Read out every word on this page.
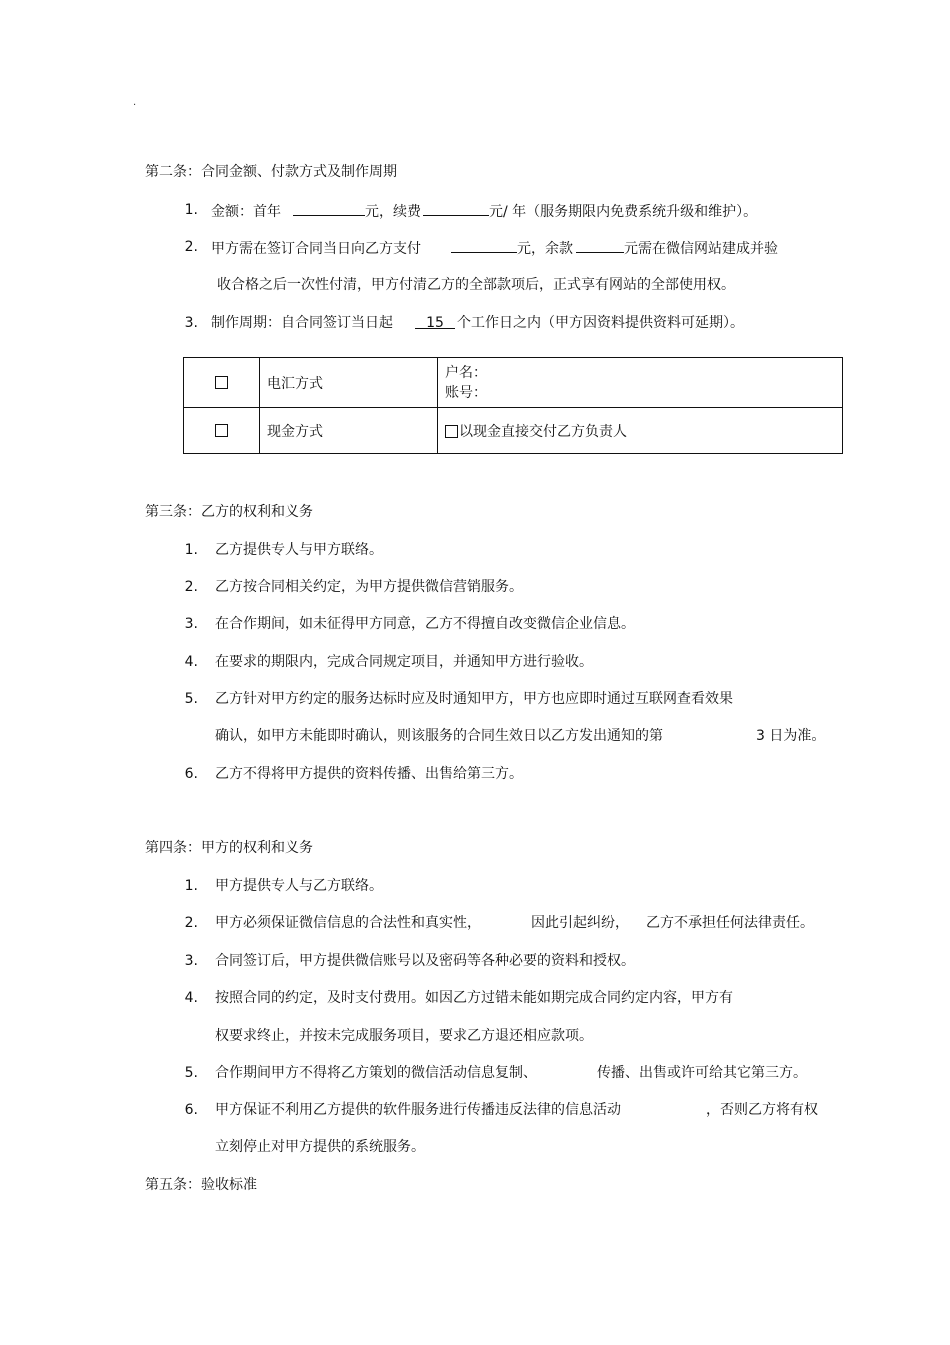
·
第二条：合同金额、付款方式及制作周期
1. 金额：首年	元，续费	元/ 年（服务期限内免费系统升级和维护）。
2. 甲方需在签订合同当日向乙方支付	元，余款	元需在微信网站建成并验
收合格之后一次性付清，甲方付清乙方的全部款项后，正式享有网站的全部使用权。
3. 制作周期：自合同签订当日起 15 个工作日之内（甲方因资料提供资料可延期）。
	电汇方式	户名：
账号：

	现金方式	以现金直接交付乙方负责人
第三条：乙方的权利和义务
1. 乙方提供专人与甲方联络。
2. 乙方按合同相关约定，为甲方提供微信营销服务。
3. 在合作期间，如未征得甲方同意，乙方不得擅自改变微信企业信息。
4. 在要求的期限内，完成合同规定项目，并通知甲方进行验收。
5. 乙方针对甲方约定的服务达标时应及时通知甲方，甲方也应即时通过互联网查看效果
确认，如甲方未能即时确认，则该服务的合同生效日以乙方发出通知的第	3 日为准。
6. 乙方不得将甲方提供的资料传播、出售给第三方。
第四条：甲方的权利和义务
1. 甲方提供专人与乙方联络。
2. 甲方必须保证微信信息的合法性和真实性，	因此引起纠纷， 乙方不承担任何法律责任。
3. 合同签订后，甲方提供微信账号以及密码等各种必要的资料和授权。
4. 按照合同的约定，及时支付费用。如因乙方过错未能如期完成合同约定内容，甲方有
权要求终止，并按未完成服务项目，要求乙方退还相应款项。
5. 合作期间甲方不得将乙方策划的微信活动信息复制、	传播、出售或许可给其它第三方。
6. 甲方保证不利用乙方提供的软件服务进行传播违反法律的信息活动	，否则乙方将有权
立刻停止对甲方提供的系统服务。
第五条：验收标准
